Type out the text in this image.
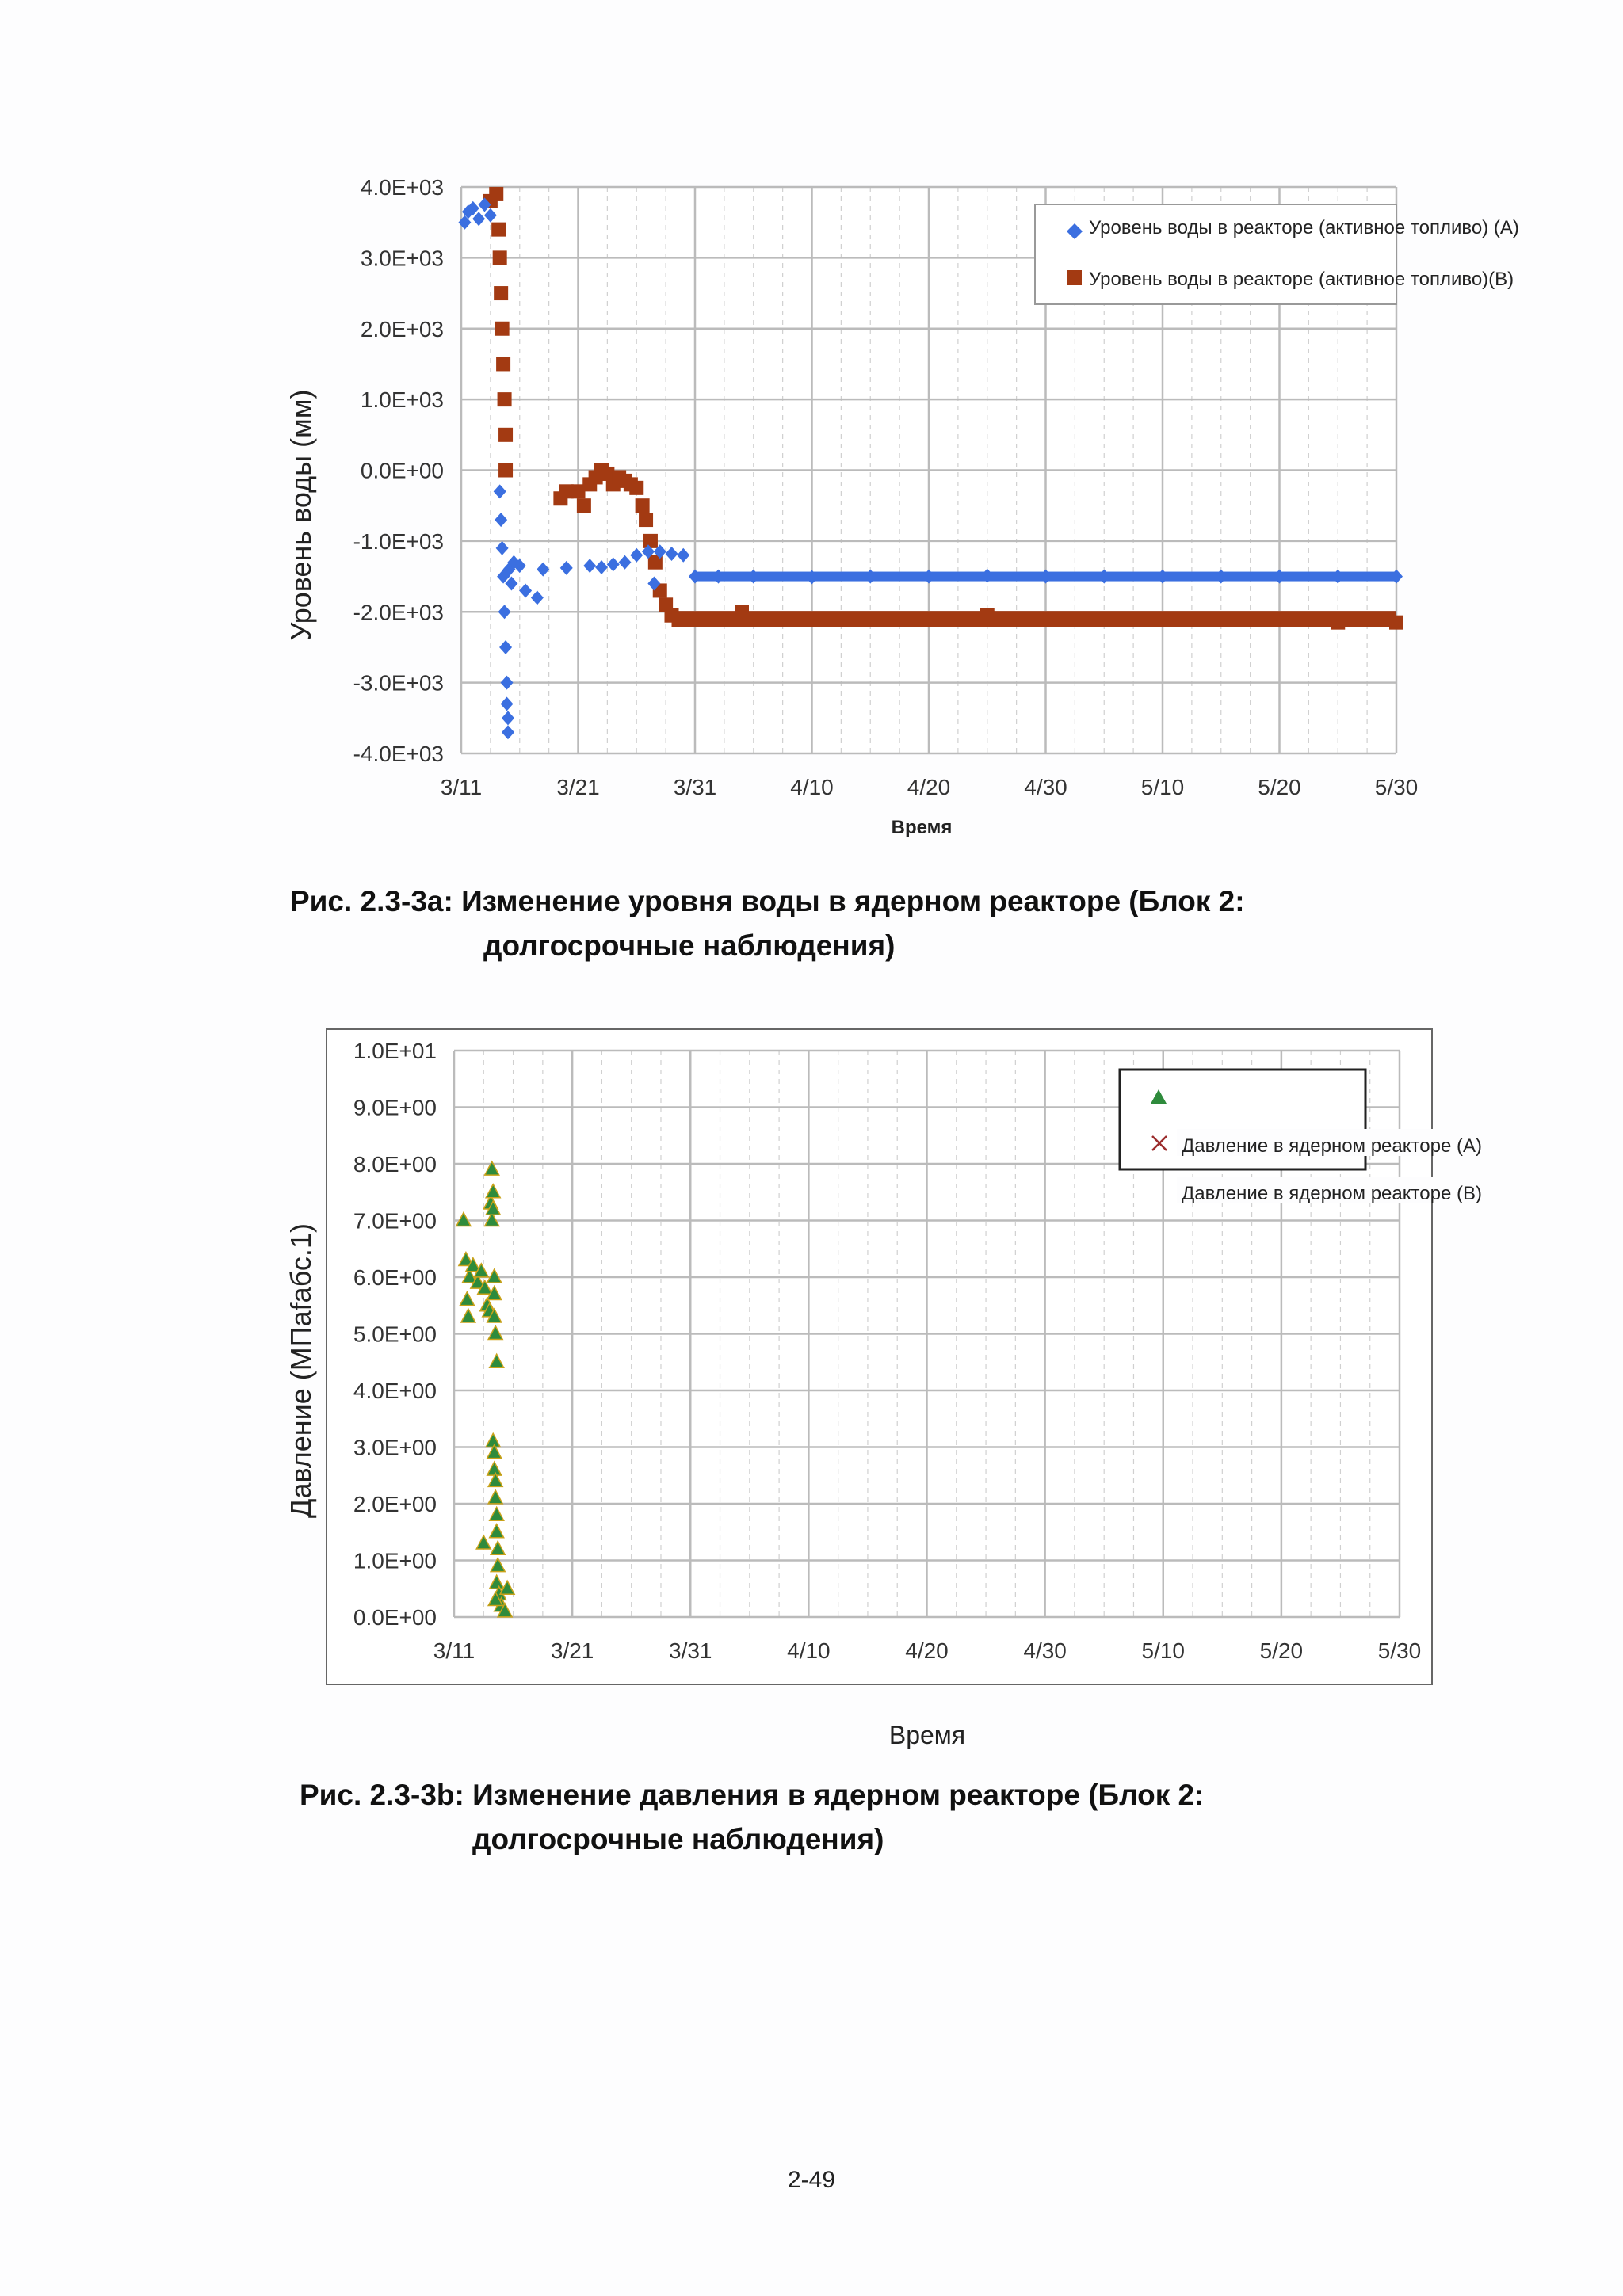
3/11	3/21	3/31	4/10	4/20	4/30	5/10	5/20	5/30
4.0E+03
3.0E+03
2.0E+03
1.0E+03
0.0E+00
-1.0E+03
-2.0E+03
-3.0E+03
-4.0E+03
Уровень воды (мм)
Время
Уровень воды в реакторе (активное топливо) (A)
Уровень воды в реакторе (активное топливо)(B)
Рис. 2.3-3a: Изменение уровня воды в ядерном реакторе (Блок 2:
долгосрочные наблюдения)
3/11	3/21	3/31	4/10	4/20	4/30	5/10	5/20	5/30
1.0E+01
9.0E+00
8.0E+00
7.0E+00
6.0E+00
5.0E+00
4.0E+00
3.0E+00
2.0E+00
1.0E+00
0.0E+00
Давление (МПаfабс.1)
Давление в ядерном реакторе (A)
Давление в ядерном реакторе (B)
Время
Рис. 2.3-3b: Изменение давления в ядерном реакторе (Блок 2:
долгосрочные наблюдения)
2-49
